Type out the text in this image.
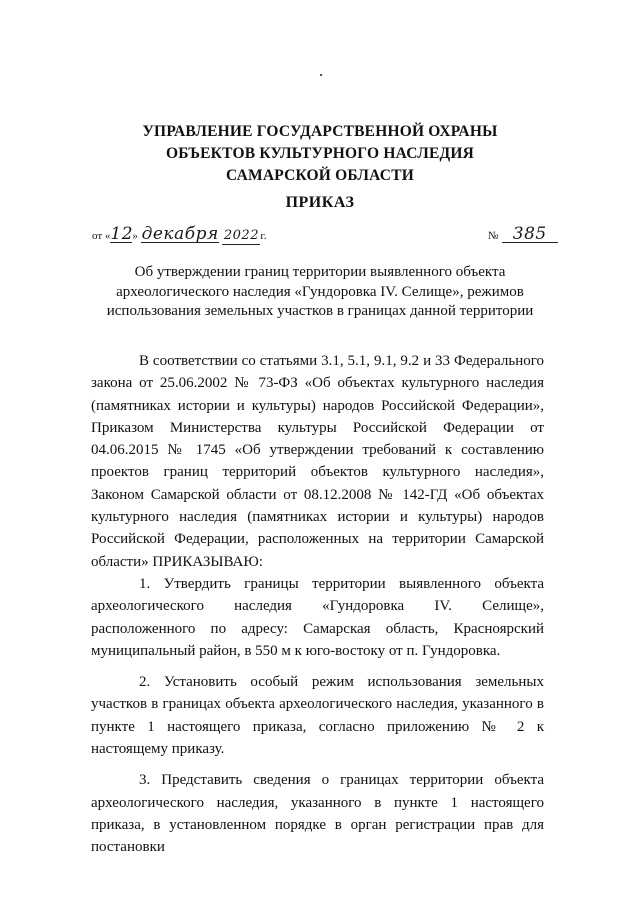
УПРАВЛЕНИЕ ГОСУДАРСТВЕННОЙ ОХРАНЫ
ОБЪЕКТОВ КУЛЬТУРНОГО НАСЛЕДИЯ
САМАРСКОЙ ОБЛАСТИ
ПРИКАЗ
от «12» декабря 2022г.	№ 385
Об утверждении границ территории выявленного объекта
археологического наследия «Гундоровка IV. Селище», режимов
использования земельных участков в границах данной территории

В соответствии со статьями 3.1, 5.1, 9.1, 9.2 и 33 Федерального закона от 25.06.2002 № 73-ФЗ «Об объектах культурного наследия (памятниках истории и культуры) народов Российской Федерации», Приказом Министерства культуры Российской Федерации от 04.06.2015 № 1745 «Об утверждении требований к составлению проектов границ территорий объектов культурного наследия», Законом Самарской области от 08.12.2008 № 142-ГД «Об объектах культурного наследия (памятниках истории и культуры) народов Российской Федерации, расположенных на территории Самарской области» ПРИКАЗЫВАЮ:

1. Утвердить границы территории выявленного объекта археологического наследия «Гундоровка IV. Селище», расположенного по адресу: Самарская область, Красноярский муниципальный район, в 550 м к юго-востоку от п. Гундоровка.

2. Установить особый режим использования земельных участков в границах объекта археологического наследия, указанного в пункте 1 настоящего приказа, согласно приложению № 2 к настоящему приказу.

3. Представить сведения о границах территории объекта археологического наследия, указанного в пункте 1 настоящего приказа, в установленном порядке в орган регистрации прав для постановки
